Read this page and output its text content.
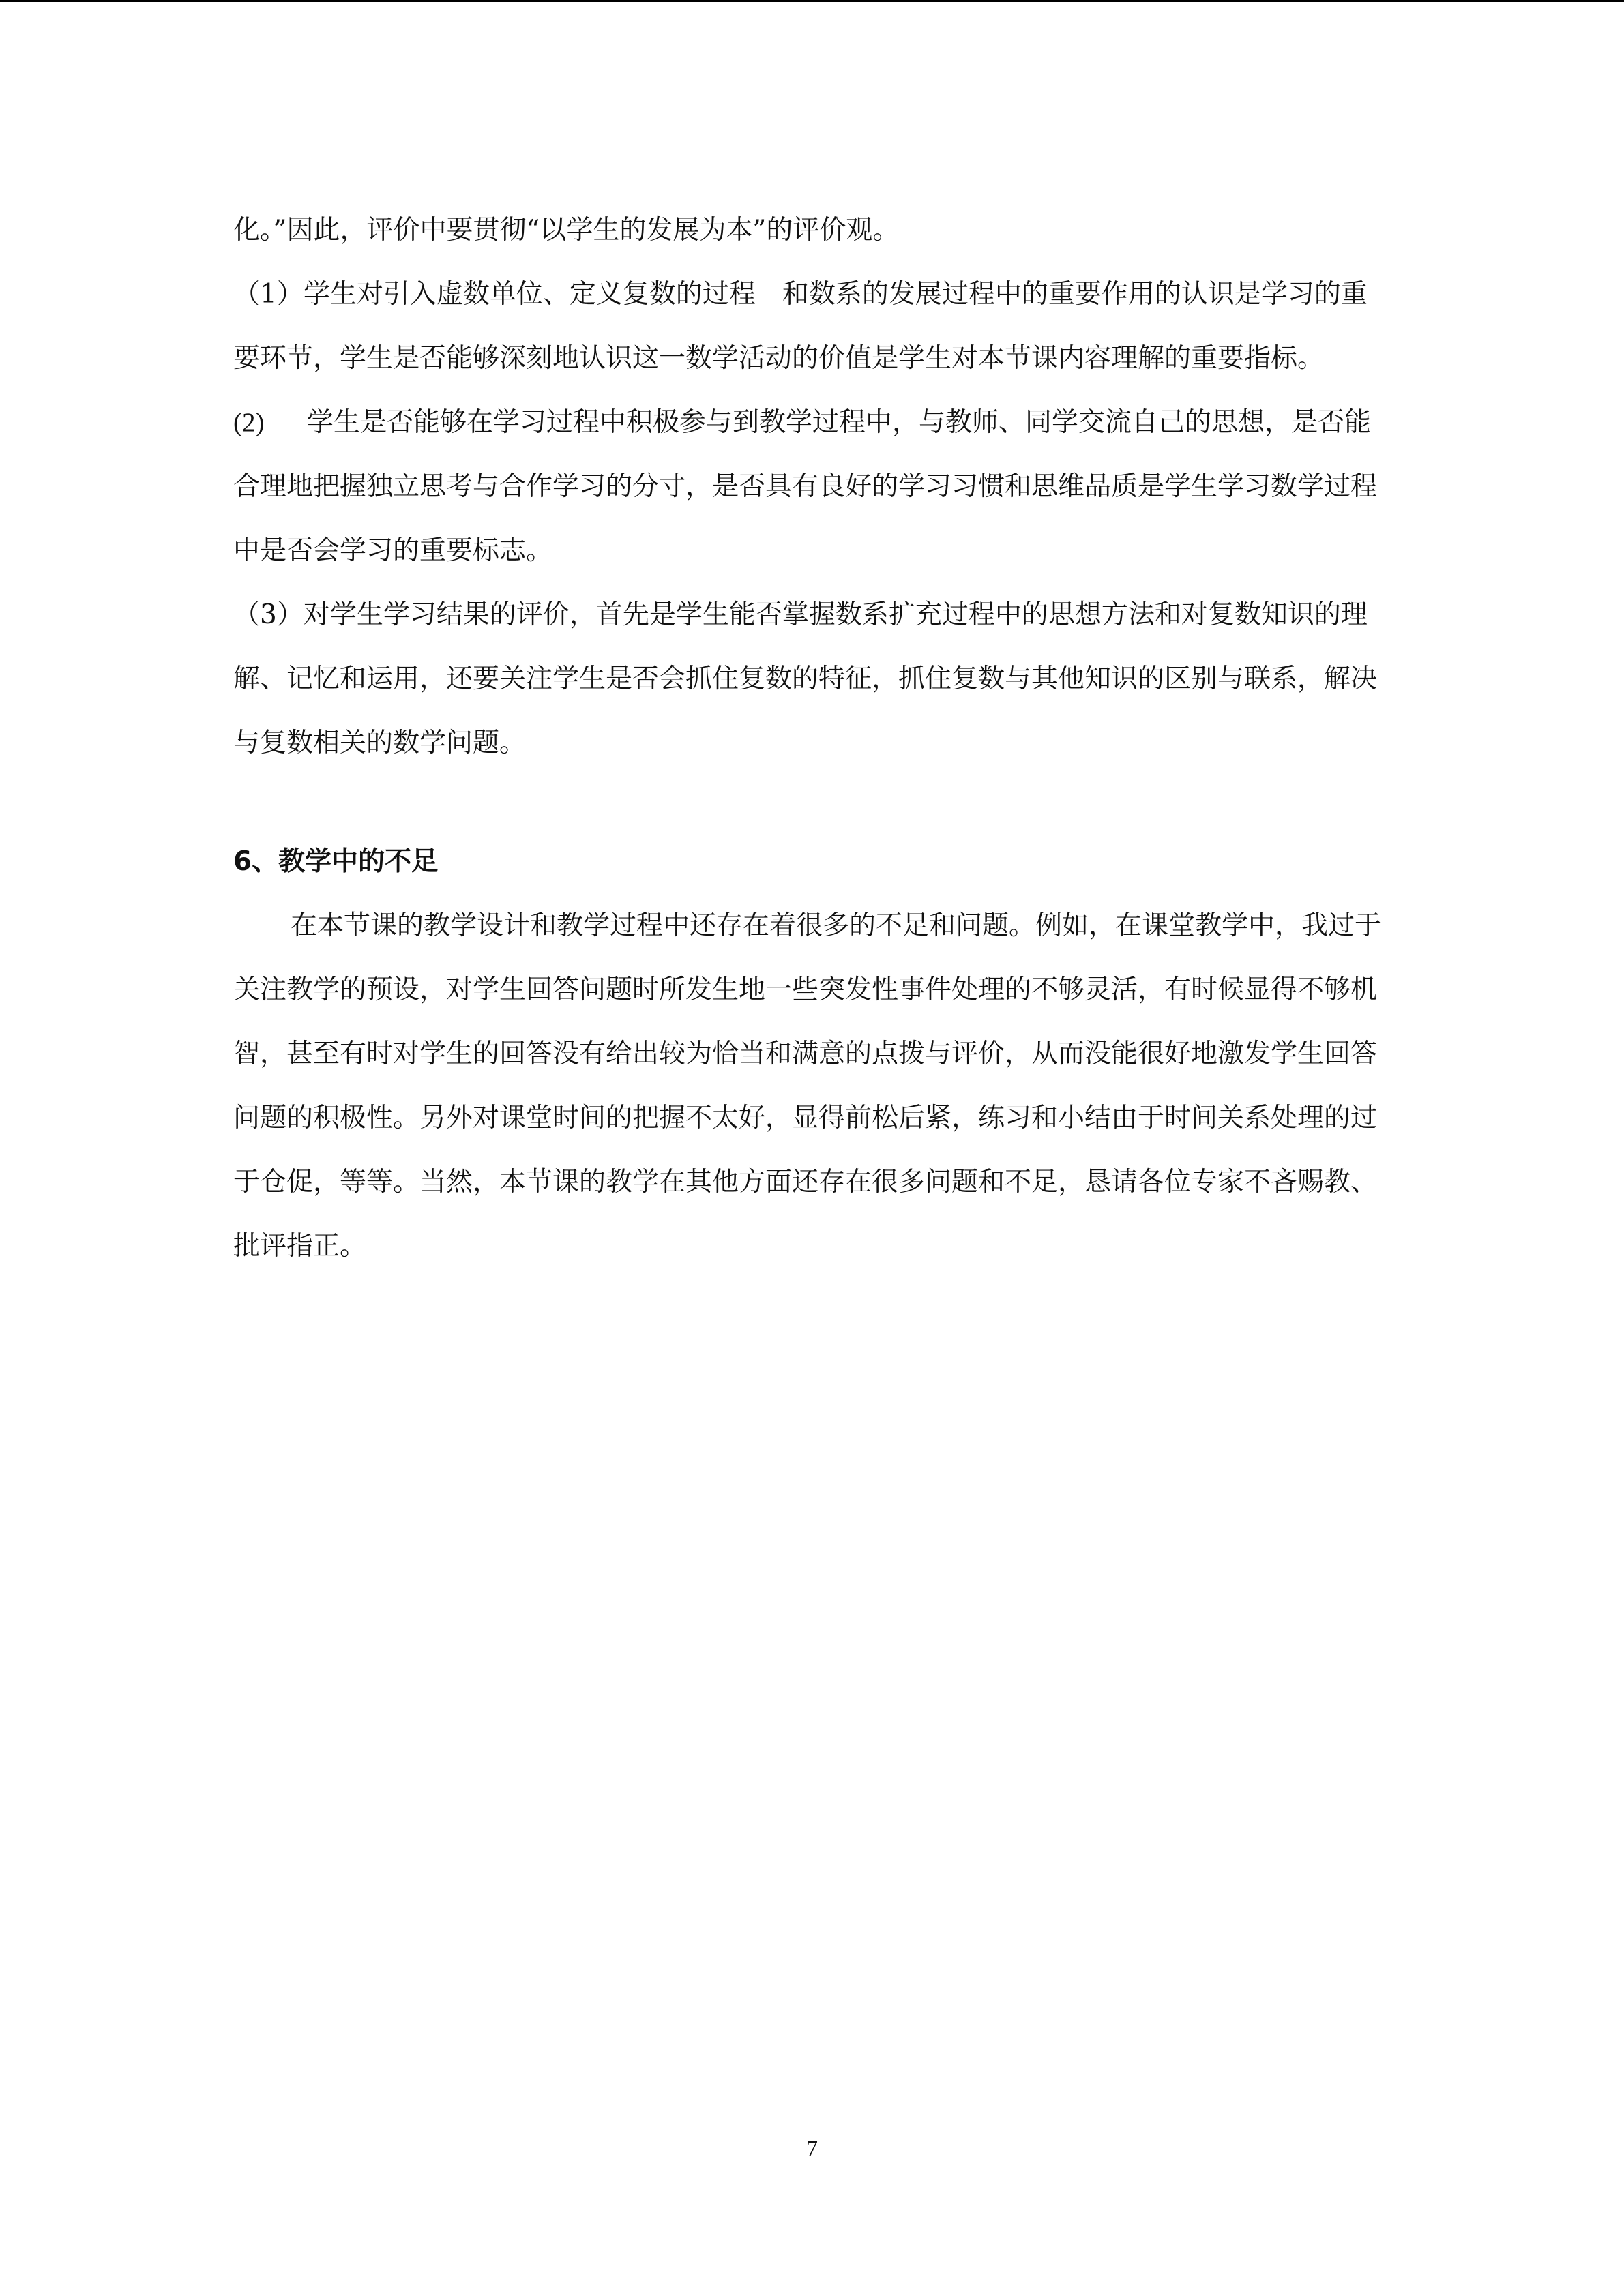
化。”因此，评价中要贯彻“以学生的发展为本”的评价观。

（1）学生对引入虚数单位、定义复数的过程　和数系的发展过程中的重要作用的认识是学习的重要环节，学生是否能够深刻地认识这一数学活动的价值是学生对本节课内容理解的重要指标。

(2) 学生是否能够在学习过程中积极参与到教学过程中，与教师、同学交流自己的思想，是否能合理地把握独立思考与合作学习的分寸，是否具有良好的学习习惯和思维品质是学生学习数学过程中是否会学习的重要标志。

（3）对学生学习结果的评价，首先是学生能否掌握数系扩充过程中的思想方法和对复数知识的理解、记忆和运用，还要关注学生是否会抓住复数的特征，抓住复数与其他知识的区别与联系，解决与复数相关的数学问题。

6、教学中的不足

在本节课的教学设计和教学过程中还存在着很多的不足和问题。例如，在课堂教学中，我过于关注教学的预设，对学生回答问题时所发生地一些突发性事件处理的不够灵活，有时候显得不够机智，甚至有时对学生的回答没有给出较为恰当和满意的点拨与评价，从而没能很好地激发学生回答问题的积极性。另外对课堂时间的把握不太好，显得前松后紧，练习和小结由于时间关系处理的过于仓促，等等。当然，本节课的教学在其他方面还存在很多问题和不足，恳请各位专家不吝赐教、批评指正。

7
